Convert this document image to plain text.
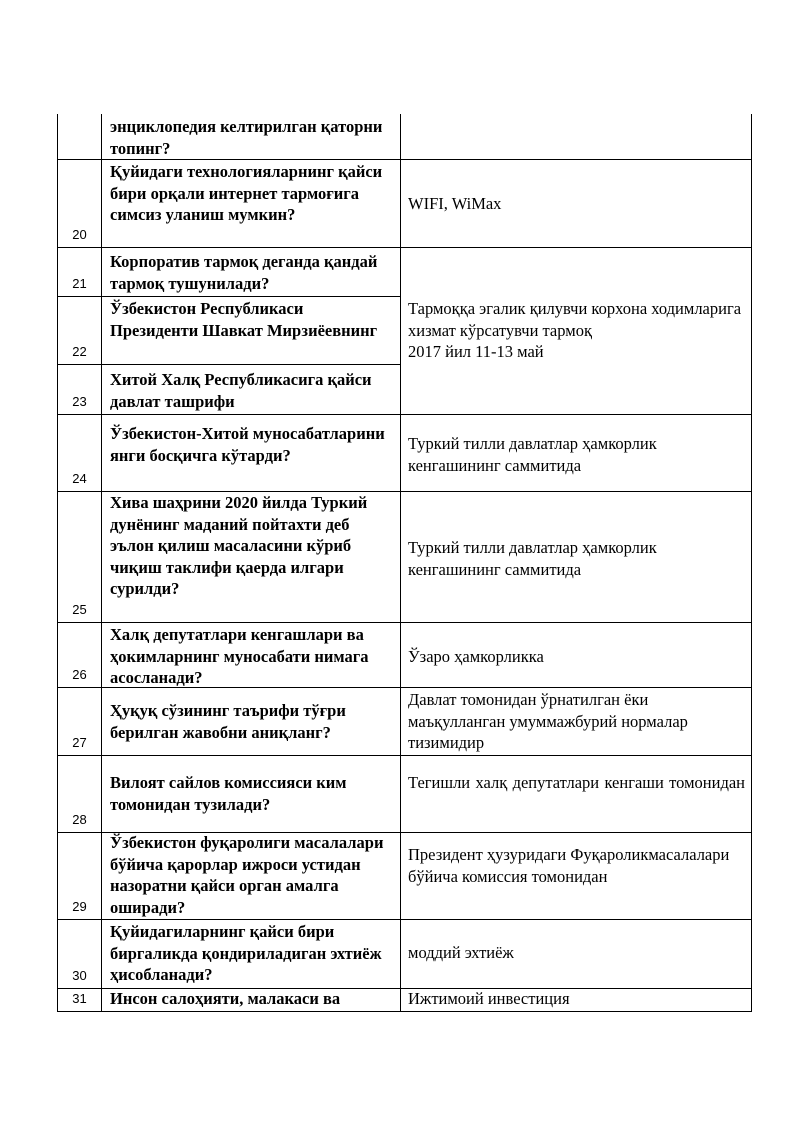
энциклопедия келтирилган қаторни топинг?
20
Қуйидаги технологияларнинг қайси бири орқали интернет тармоғига симсиз уланиш мумкин?
WIFI, WiMax
21
Корпоратив тармоқ деганда қандай тармоқ тушунилади?
Тармоққа эгалик қилувчи корхона ходимларига хизмат кўрсатувчи тармоқ
2017 йил 11-13 май
22
Ўзбекистон Республикаси Президенти Шавкат Мирзиёевнинг
23
Хитой Халқ Республикасига қайси давлат ташрифи
24
Ўзбекистон-Хитой муносабатларини янги босқичга кўтарди?
Туркий тилли давлатлар ҳамкорлик кенгашининг саммитида
25
Хива шаҳрини 2020 йилда Туркий дунёнинг маданий пойтахти деб эълон қилиш масаласини кўриб чиқиш таклифи қаерда илгари сурилди?
Туркий тилли давлатлар ҳамкорлик кенгашининг саммитида
26
Халқ депутатлари кенгашлари ва ҳокимларнинг муносабати нимага асосланади?
Ўзаро ҳамкорликка
27
Ҳуқуқ сўзининг таърифи тўғри берилган жавобни аниқланг?
Давлат томонидан ўрнатилган ёки маъқулланган умуммажбурий нормалар тизимидир
28
Вилоят сайлов комиссияси ким томонидан тузилади?
Тегишли халқ депутатлари кенгаши томонидан
29
Ўзбекистон фуқаролиги масалалари бўйича қарорлар ижроси устидан назоратни қайси орган амалга оширади?
Президент ҳузуридаги Фуқароликмасалалари бўйича комиссия томонидан
30
Қуйидагиларнинг қайси бири биргаликда қондириладиган эхтиёж ҳисобланади?
моддий эхтиёж
31	Инсон салоҳияти, малакаси ва	Ижтимоий инвестиция
